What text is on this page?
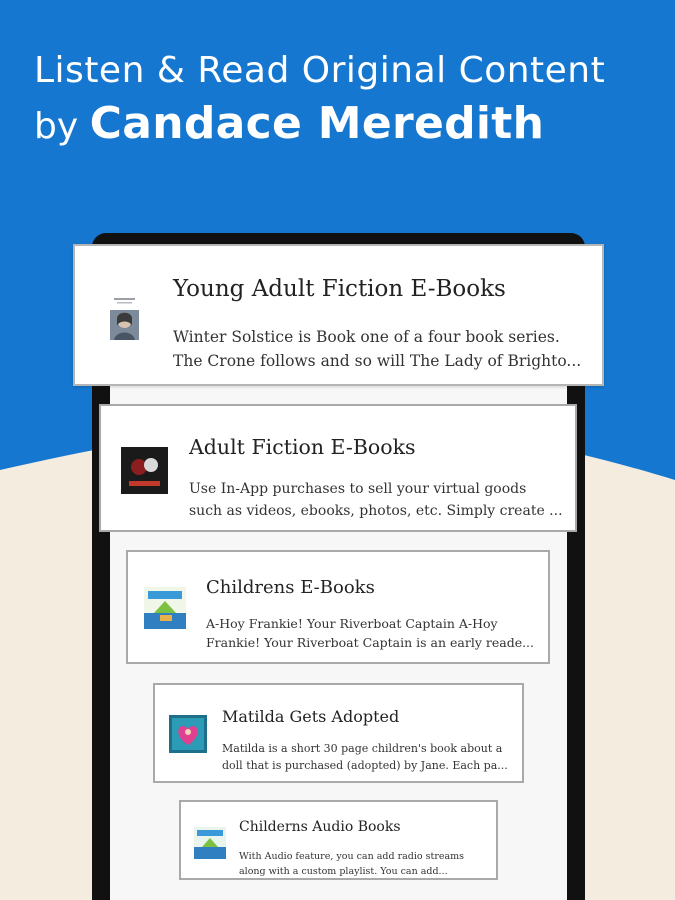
Listen & Read Original Content
by Candace Meredith
Young Adult Fiction E-Books
Winter Solstice is Book one of a four book series.
The Crone follows and so will The Lady of Brighto...
Adult Fiction E-Books
Use In-App purchases to sell your virtual goods
such as videos, ebooks, photos, etc. Simply create ...
Childrens E-Books
A-Hoy Frankie! Your Riverboat Captain A-Hoy
Frankie! Your Riverboat Captain is an early reade...
Matilda Gets Adopted
Matilda is a short 30 page children's book about a
doll that is purchased (adopted) by Jane. Each pa...
Childerns Audio Books
With Audio feature, you can add radio streams
along with a custom playlist. You can add...
